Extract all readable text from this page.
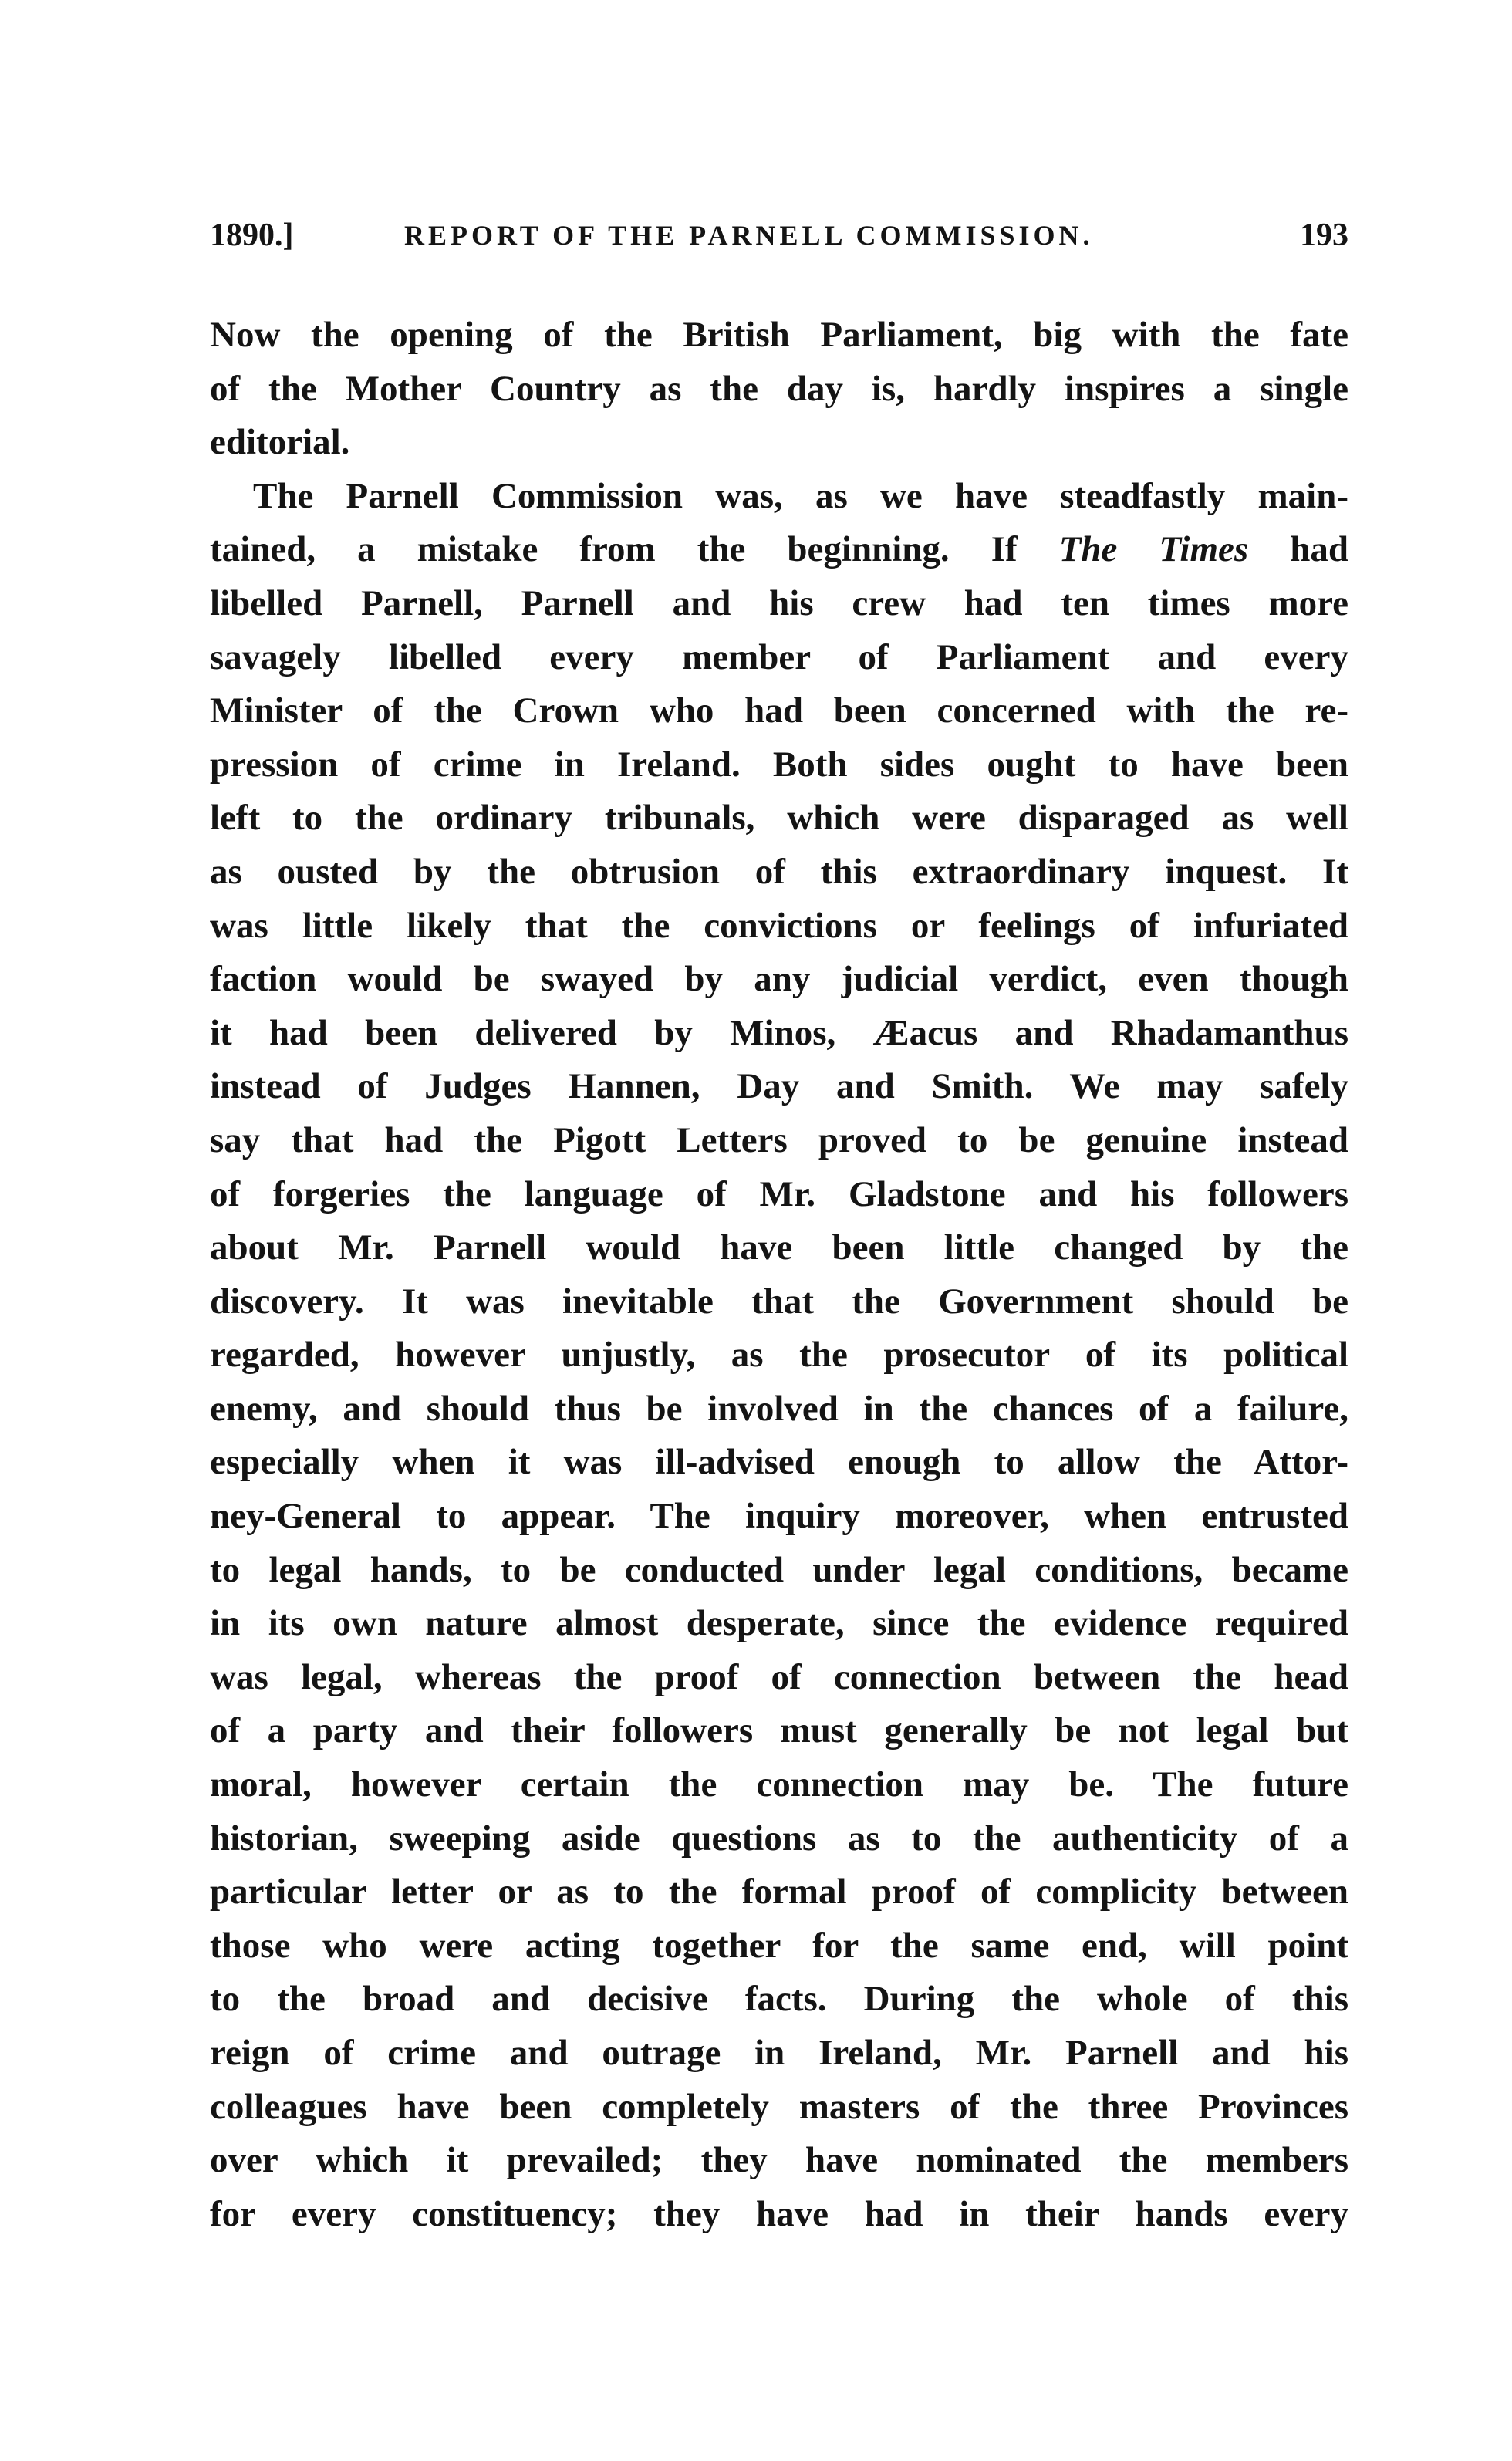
1890.]	REPORT OF THE PARNELL COMMISSION.	193
Now the opening of the British Parliament, big with the fate
of the Mother Country as the day is, hardly inspires a single
editorial.
The Parnell Commission was, as we have steadfastly main-
tained, a mistake from the beginning. If The Times had
libelled Parnell, Parnell and his crew had ten times more
savagely libelled every member of Parliament and every
Minister of the Crown who had been concerned with the re-
pression of crime in Ireland. Both sides ought to have been
left to the ordinary tribunals, which were disparaged as well
as ousted by the obtrusion of this extraordinary inquest. It
was little likely that the convictions or feelings of infuriated
faction would be swayed by any judicial verdict, even though
it had been delivered by Minos, Æacus and Rhadamanthus
instead of Judges Hannen, Day and Smith. We may safely
say that had the Pigott Letters proved to be genuine instead
of forgeries the language of Mr. Gladstone and his followers
about Mr. Parnell would have been little changed by the
discovery. It was inevitable that the Government should be
regarded, however unjustly, as the prosecutor of its political
enemy, and should thus be involved in the chances of a failure,
especially when it was ill-advised enough to allow the Attor-
ney-General to appear. The inquiry moreover, when entrusted
to legal hands, to be conducted under legal conditions, became
in its own nature almost desperate, since the evidence required
was legal, whereas the proof of connection between the head
of a party and their followers must generally be not legal but
moral, however certain the connection may be. The future
historian, sweeping aside questions as to the authenticity of a
particular letter or as to the formal proof of complicity between
those who were acting together for the same end, will point
to the broad and decisive facts. During the whole of this
reign of crime and outrage in Ireland, Mr. Parnell and his
colleagues have been completely masters of the three Provinces
over which it prevailed; they have nominated the members
for every constituency; they have had in their hands every
